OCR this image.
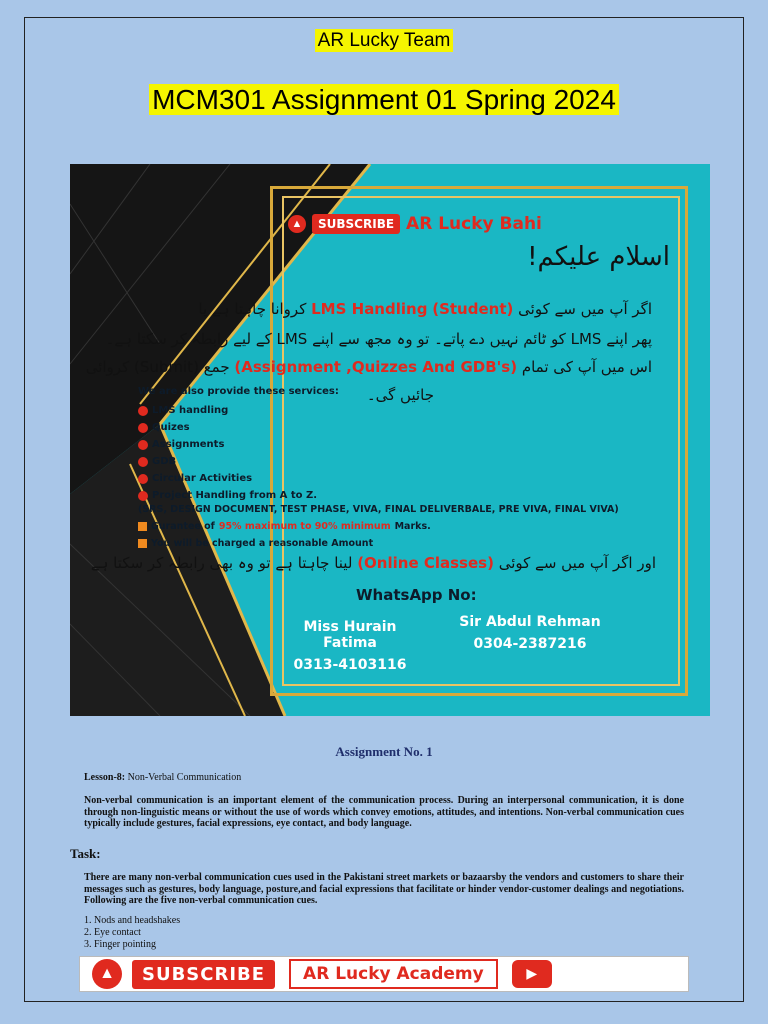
AR Lucky Team
MCM301 Assignment 01 Spring 2024
▲	SUBSCRIBE AR Lucky Bahi
اسلام علیکم!
اگر آپ میں سے کوئی (Student) LMS Handling کروانا چاہتا ہے یا
پھر اپنے LMS کو ٹائم نہیں دے پاتے۔ تو وہ مجھ سے اپنے LMS کے لیے رابطہ کر سکتا ہے۔
اس میں آپ کی تمام (Assignment ,Quizzes And GDB's) جمع (Submit) کروائی
جائیں گی۔
We are also provide these services:
LMS handling
Quizes
Assignments
GDB
Circular Activities
Project Handling from A to Z.
(SRS, DESIGN DOCUMENT, TEST PHASE, VIVA, FINAL DELIVERBALE, PRE VIVA, FINAL VIVA)
Gurantee of 95% maximum to 90% minimum Marks.
You will be charged a reasonable Amount
اور اگر آپ میں سے کوئی (Online Classes) لینا چاہتا ہے تو وہ بھی رابطہ کر سکتا ہے
WhatsApp No:
Miss Hurain Fatima
0313-4103116
Sir Abdul Rehman
0304-2387216
Assignment No. 1
Lesson-8: Non-Verbal Communication
Non-verbal communication is an important element of the communication process. During an interpersonal communication, it is done through non-linguistic means or without the use of words which convey emotions, attitudes, and intentions. Non-verbal communication cues typically include gestures, facial expressions, eye contact, and body language.
Task:
There are many non-verbal communication cues used in the Pakistani street markets or bazaarsby the vendors and customers to share their messages such as gestures, body language, posture,and facial expressions that facilitate or hinder vendor-customer dealings and negotiations. Following are the five non-verbal communication cues.
1. Nods and headshakes
2. Eye contact
3. Finger pointing
▲	SUBSCRIBE	AR Lucky Academy	▶
